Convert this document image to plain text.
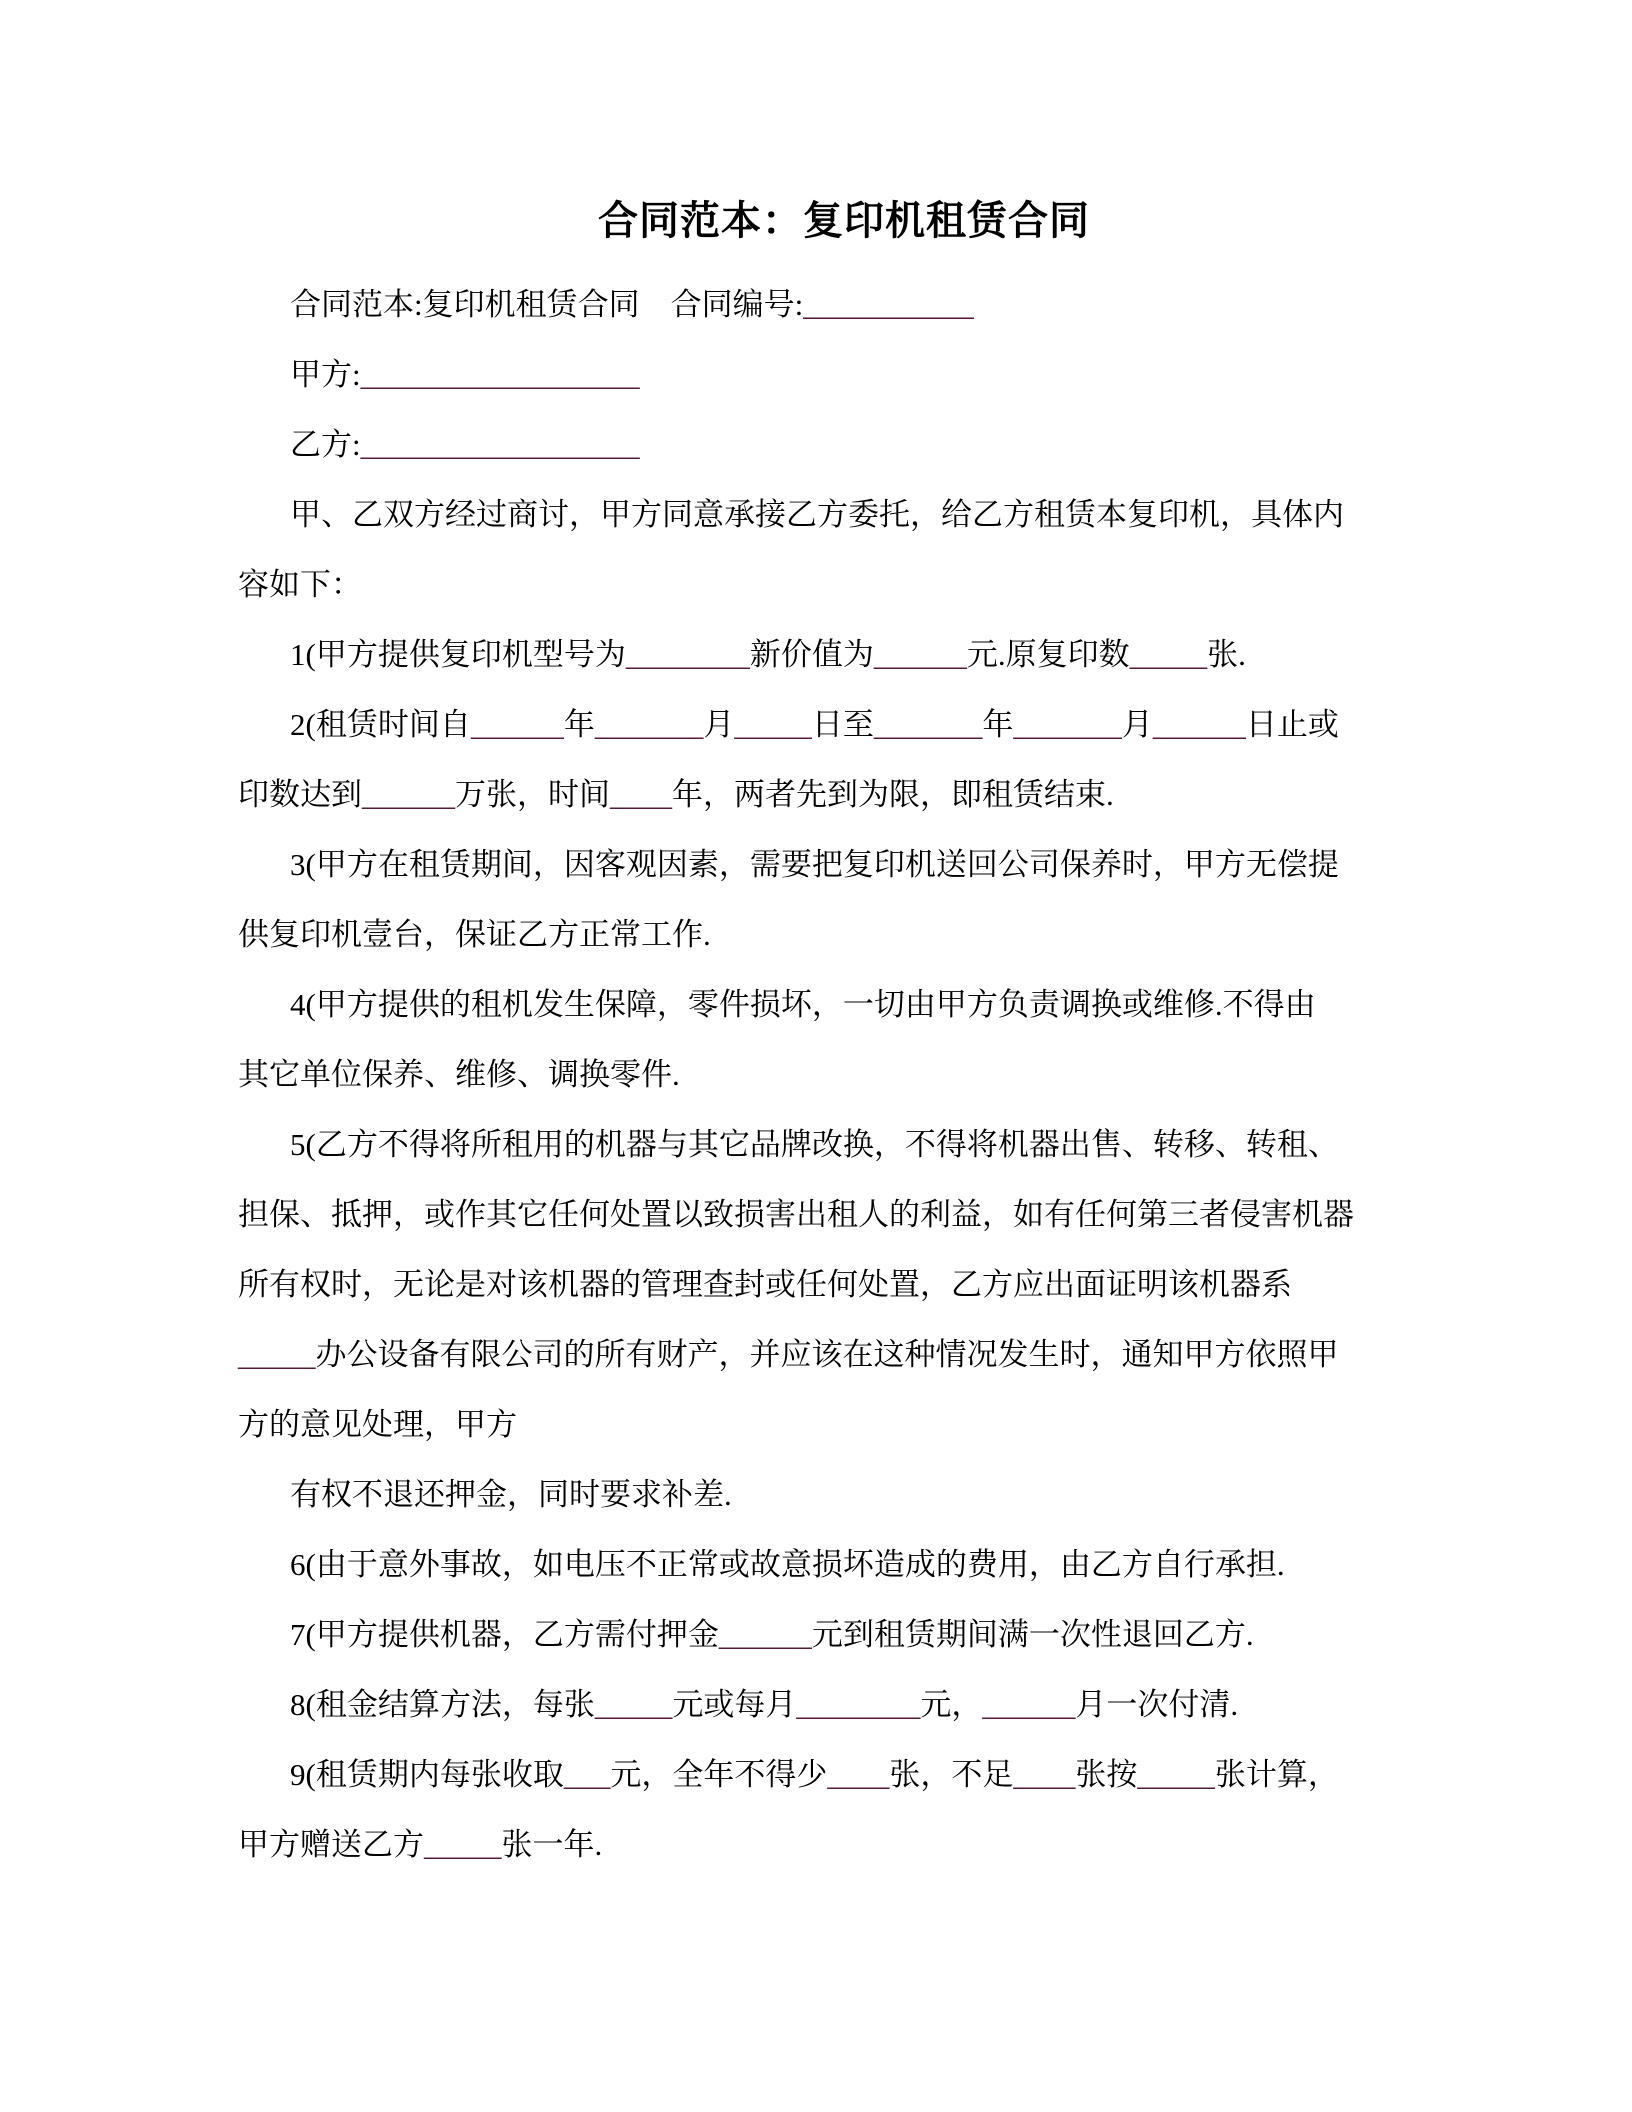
合同范本：复印机租赁合同

合同范本:复印机租赁合同　合同编号:___________

甲方:__________________

乙方:__________________

甲、乙双方经过商讨，甲方同意承接乙方委托，给乙方租赁本复印机，具体内
容如下：

1(甲方提供复印机型号为________新价值为______元.原复印数_____张.

2(租赁时间自______年_______月_____日至_______年_______月______日止或
印数达到______万张，时间____年，两者先到为限，即租赁结束.

3(甲方在租赁期间，因客观因素，需要把复印机送回公司保养时，甲方无偿提
供复印机壹台，保证乙方正常工作.

4(甲方提供的租机发生保障，零件损坏，一切由甲方负责调换或维修.不得由
其它单位保养、维修、调换零件.

5(乙方不得将所租用的机器与其它品牌改换，不得将机器出售、转移、转租、
担保、抵押，或作其它任何处置以致损害出租人的利益，如有任何第三者侵害机器
所有权时，无论是对该机器的管理查封或任何处置，乙方应出面证明该机器系
_____办公设备有限公司的所有财产，并应该在这种情况发生时，通知甲方依照甲
方的意见处理，甲方

有权不退还押金，同时要求补差.

6(由于意外事故，如电压不正常或故意损坏造成的费用，由乙方自行承担.

7(甲方提供机器，乙方需付押金______元到租赁期间满一次性退回乙方.

8(租金结算方法，每张_____元或每月________元，______月一次付清.

9(租赁期内每张收取___元，全年不得少____张，不足____张按_____张计算，
甲方赠送乙方_____张一年.
